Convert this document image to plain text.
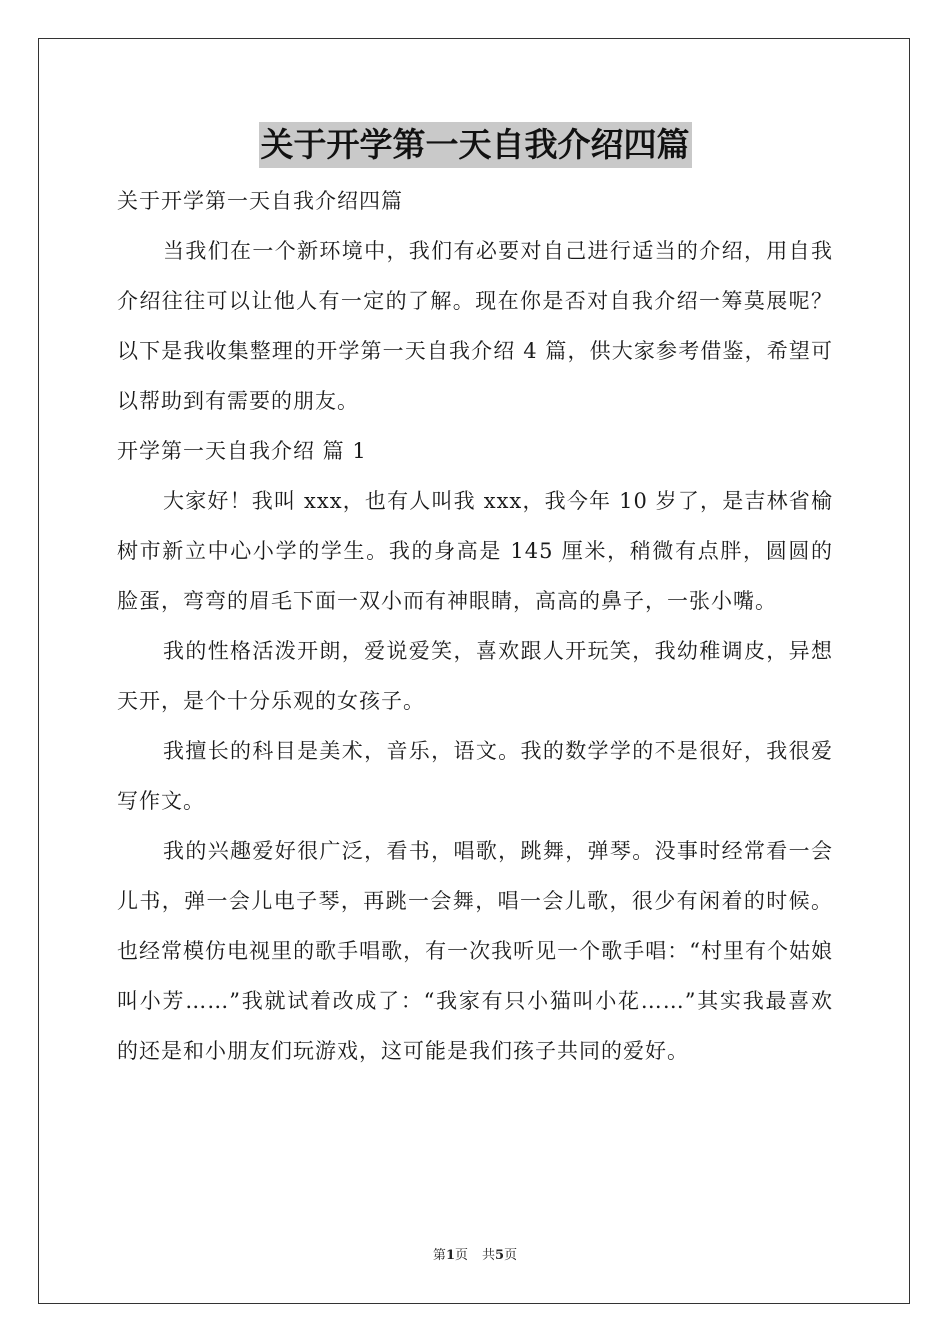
关于开学第一天自我介绍四篇

关于开学第一天自我介绍四篇

当我们在一个新环境中，我们有必要对自己进行适当的介绍，用自我介绍往往可以让他人有一定的了解。现在你是否对自我介绍一筹莫展呢？以下是我收集整理的开学第一天自我介绍 4 篇，供大家参考借鉴，希望可以帮助到有需要的朋友。

开学第一天自我介绍 篇 1

大家好！我叫 xxx，也有人叫我 xxx，我今年 10 岁了，是吉林省榆树市新立中心小学的学生。我的身高是 145 厘米，稍微有点胖，圆圆的脸蛋，弯弯的眉毛下面一双小而有神眼睛，高高的鼻子，一张小嘴。

我的性格活泼开朗，爱说爱笑，喜欢跟人开玩笑，我幼稚调皮，异想天开，是个十分乐观的女孩子。

我擅长的科目是美术，音乐，语文。我的数学学的不是很好，我很爱写作文。

我的兴趣爱好很广泛，看书，唱歌，跳舞，弹琴。没事时经常看一会儿书，弹一会儿电子琴，再跳一会舞，唱一会儿歌，很少有闲着的时候。也经常模仿电视里的歌手唱歌，有一次我听见一个歌手唱：“村里有个姑娘叫小芳……”我就试着改成了：“我家有只小猫叫小花……”其实我最喜欢的还是和小朋友们玩游戏，这可能是我们孩子共同的爱好。

第1页 共5页
